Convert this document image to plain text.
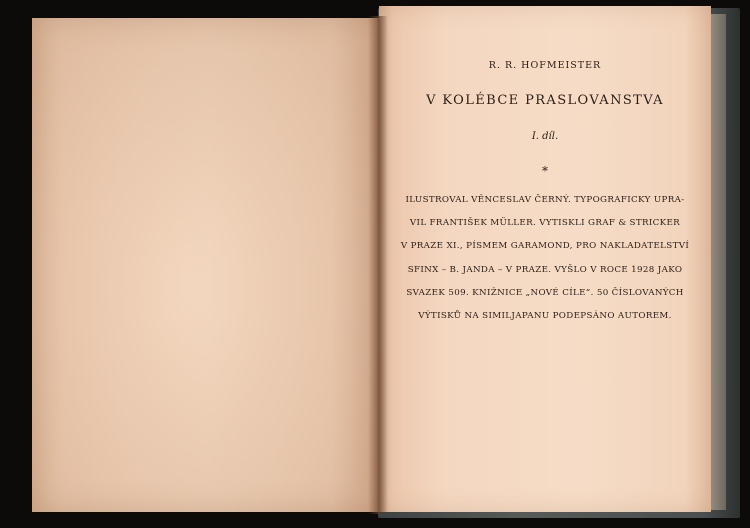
R. R. HOFMEISTER
V KOLÉBCE PRASLOVANSTVA
I. díl.
*
ILUSTROVAL VĚNCESLAV ČERNÝ. TYPOGRAFICKY UPRA-
VIL FRANTIŠEK MÜLLER. VYTISKLI GRAF & STRICKER
V PRAZE XI., PÍSMEM GARAMOND, PRO NAKLADATELSTVÍ
SFINX – B. JANDA – V PRAZE. VYŠLO V ROCE 1928 JAKO
SVAZEK 509. KNIŽNICE „NOVÉ CÍLE“. 50 ČÍSLOVANÝCH
VÝTISKŮ NA SIMILJAPANU PODEPSÁNO AUTOREM.
